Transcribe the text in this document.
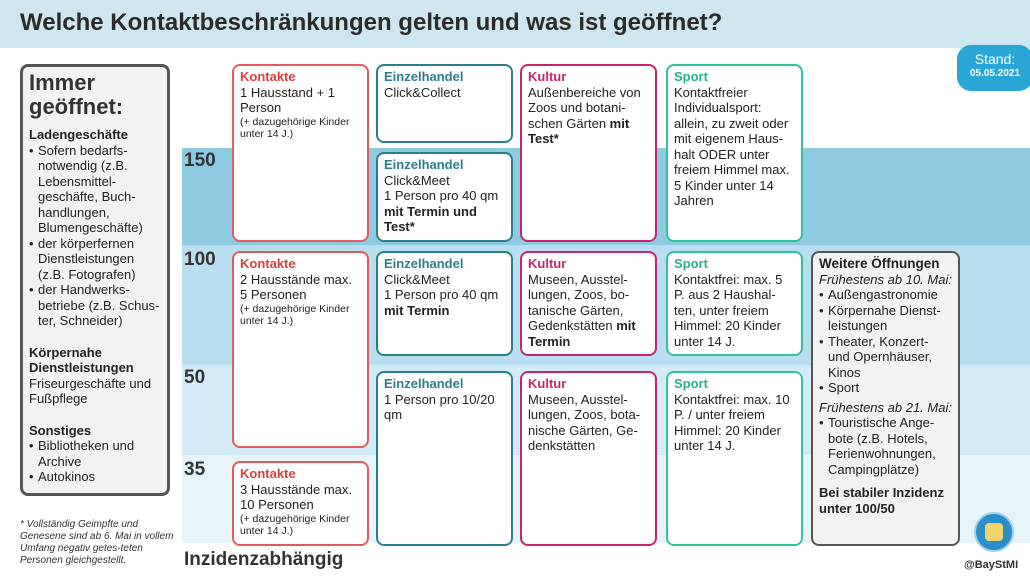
Welche Kontaktbeschränkungen gelten und was ist geöffnet?
Stand:
05.05.2021
150
100
50
35
Immer geöffnet:
Ladengeschäfte
• Sofern bedarfs-notwendig (z.B. Lebensmittel-geschäfte, Buch-handlungen, Blumengeschäfte)
• der körperfernen Dienstleistungen (z.B. Fotografen)
• der Handwerks-betriebe (z.B. Schus-ter, Schneider)
Körpernahe Dienstleistungen
Friseurgeschäfte und Fußpflege
Sonstiges
• Bibliotheken und Archive
• Autokinos
* Vollständig Geimpfte und Genesene sind ab 6. Mai in vollem Umfang negativ getes-teten Personen gleichgestellt.	Inzidenzabhängig
Kontakte
1 Hausstand + 1 Person
(+ dazugehörige Kinder unter 14 J.)
Kontakte
2 Hausstände max. 5 Personen
(+ dazugehörige Kinder unter 14 J.)
Kontakte
3 Hausstände max. 10 Personen
(+ dazugehörige Kinder unter 14 J.)
Einzelhandel
Click&Collect
Einzelhandel
Click&Meet
1 Person pro 40 qm
mit Termin und Test*
Einzelhandel
Click&Meet
1 Person pro 40 qm
mit Termin
Einzelhandel
1 Person pro 10/20 qm
Kultur
Außenbereiche von Zoos und botani-schen Gärten mit Test*
Kultur
Museen, Ausstel-lungen, Zoos, bo-tanische Gärten, Gedenkstätten mit Termin
Kultur
Museen, Ausstel-lungen, Zoos, bota-nische Gärten, Ge-denkstätten
Sport
Kontaktfreier Individualsport: allein, zu zweit oder mit eigenem Haus-halt ODER unter freiem Himmel max. 5 Kinder unter 14 Jahren
Sport
Kontaktfrei: max. 5 P. aus 2 Haushal-ten, unter freiem Himmel: 20 Kinder unter 14 J.
Sport
Kontaktfrei: max. 10 P. / unter freiem Himmel: 20 Kinder unter 14 J.
Weitere Öffnungen
Frühestens ab 10. Mai:
• Außengastronomie
• Körpernahe Dienst-leistungen
• Theater, Konzert- und Opernhäuser, Kinos
• Sport
Frühestens ab 21. Mai:
• Touristische Ange-bote (z.B. Hotels, Ferienwohnungen, Campingplätze)
Bei stabiler Inzidenz unter 100/50
@BayStMI
